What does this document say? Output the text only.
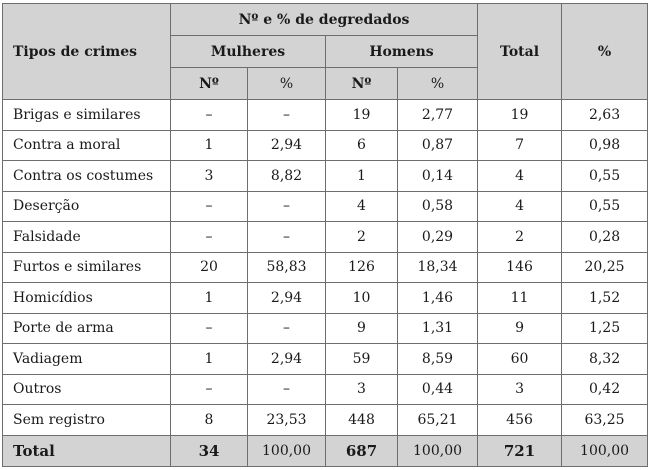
Tipos de crimes	Nº e % de degredados				Total	%
	Mulheres		Homens			
	Nº	%	Nº	%		
Brigas e similares	–	–	19	2,77	19	2,63
Contra a moral	1	2,94	6	0,87	7	0,98
Contra os costumes	3	8,82	1	0,14	4	0,55
Deserção	–	–	4	0,58	4	0,55
Falsidade	–	–	2	0,29	2	0,28
Furtos e similares	20	58,83	126	18,34	146	20,25
Homicídios	1	2,94	10	1,46	11	1,52
Porte de arma	–	–	9	1,31	9	1,25
Vadiagem	1	2,94	59	8,59	60	8,32
Outros	–	–	3	0,44	3	0,42
Sem registro	8	23,53	448	65,21	456	63,25
Total	34	100,00	687	100,00	721	100,00
